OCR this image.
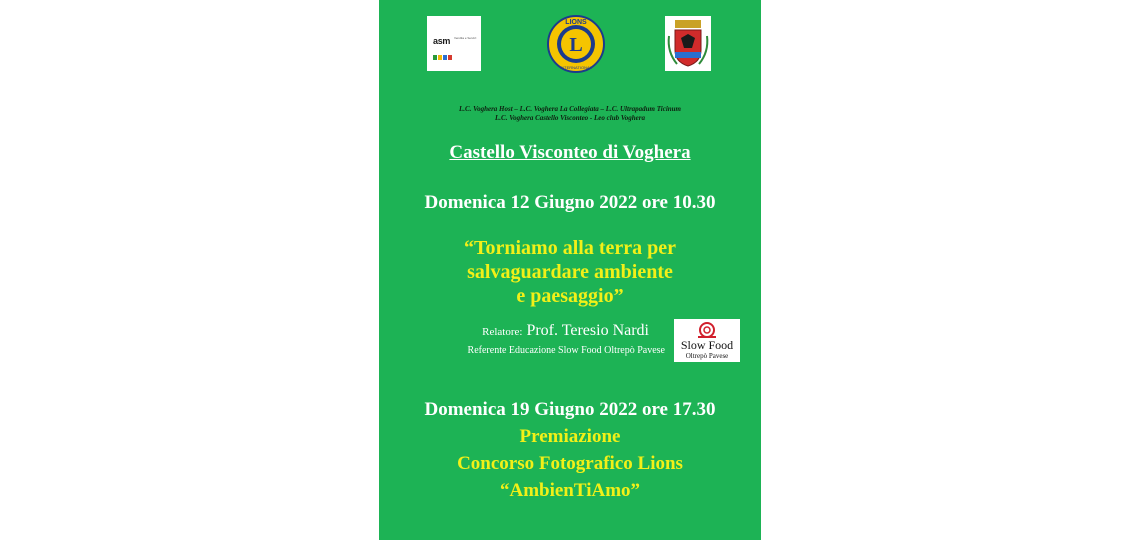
asm Vendita e Servizi	L
LIONS
INTERNATIONAL
L.C. Voghera Host – L.C. Voghera La Collegiata – L.C. Ultrapadum Ticinum
L.C. Voghera Castello Visconteo - Leo club Voghera
Castello Visconteo di Voghera
Domenica 12 Giugno 2022 ore 10.30
“Torniamo alla terra per
salvaguardare ambiente
e paesaggio”
Relatore: Prof. Teresio Nardi
Referente Educazione Slow Food Oltrepò Pavese	Slow Food
Oltrepò Pavese
Domenica 19 Giugno 2022 ore 17.30
Premiazione
Concorso Fotografico Lions
“AmbienTiAmo”
